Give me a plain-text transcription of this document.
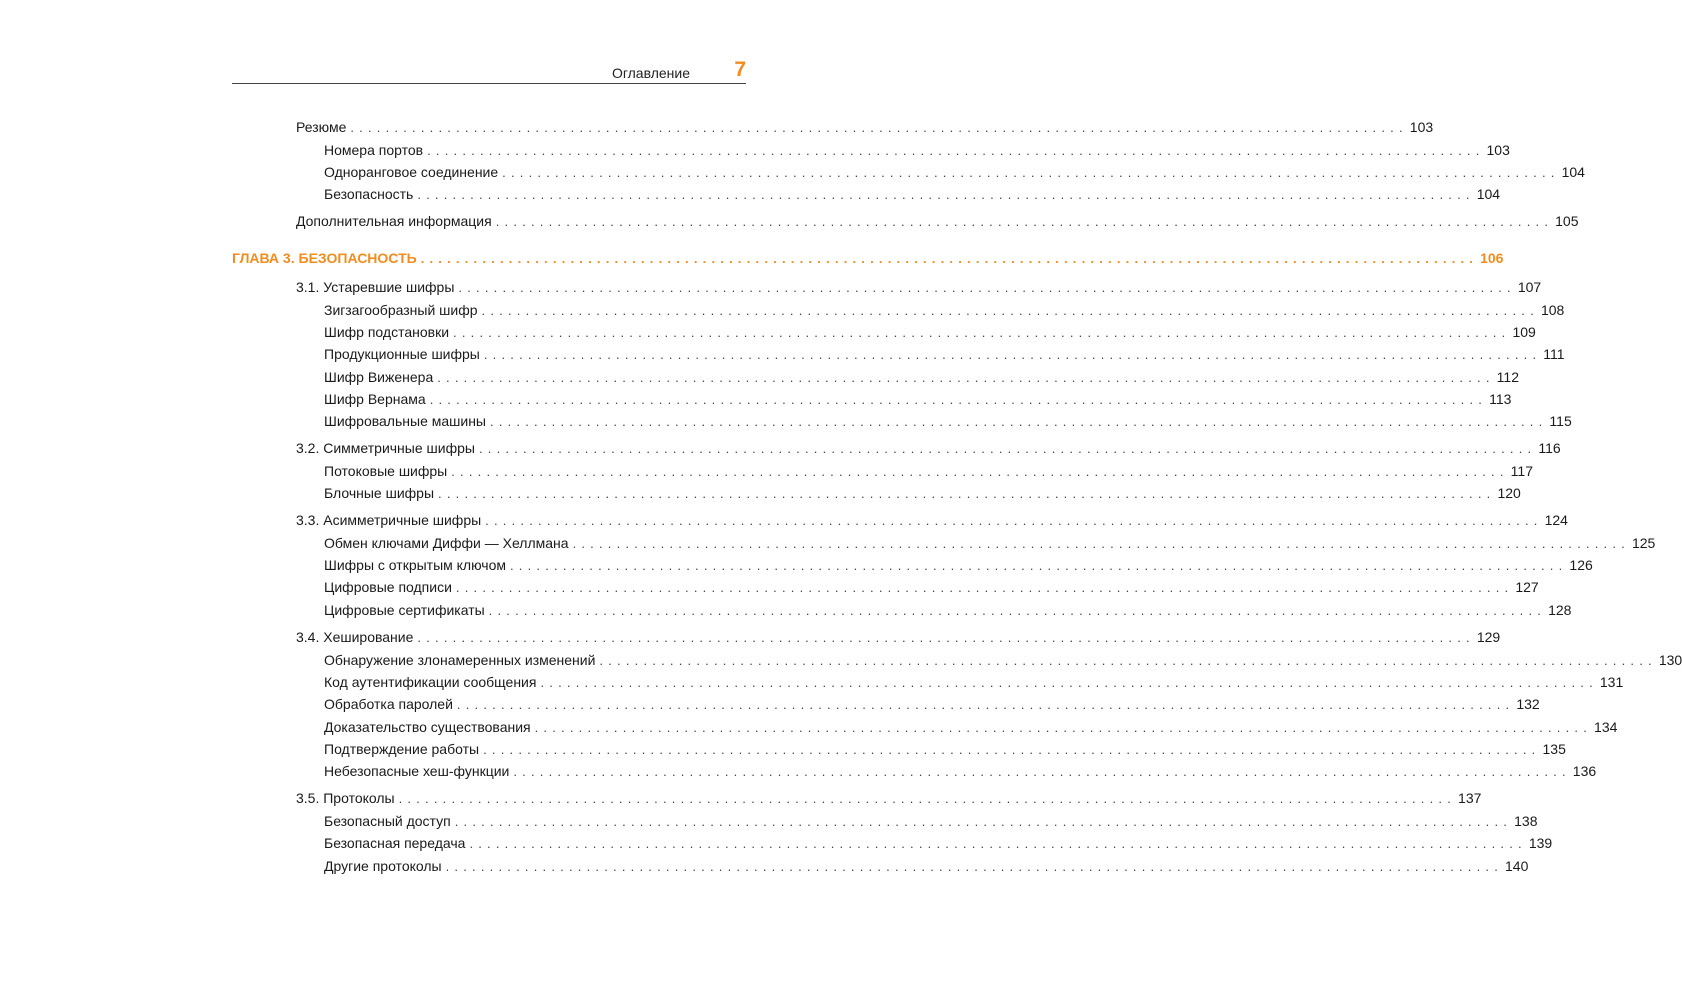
Оглавление 7
Резюме ........................................................................................................................ 103
Номера портов ........................................................................................................................ 103
Одноранговое соединение ........................................................................................................................ 104
Безопасность ........................................................................................................................ 104
Дополнительная информация ........................................................................................................................ 105
ГЛАВА 3. БЕЗОПАСНОСТЬ ........................................................................................................................ 106
3.1. Устаревшие шифры ........................................................................................................................ 107
Зигзагообразный шифр ........................................................................................................................ 108
Шифр подстановки ........................................................................................................................ 109
Продукционные шифры ........................................................................................................................ 111
Шифр Виженера ........................................................................................................................ 112
Шифр Вернама ........................................................................................................................ 113
Шифровальные машины ........................................................................................................................ 115
3.2. Симметричные шифры ........................................................................................................................ 116
Потоковые шифры ........................................................................................................................ 117
Блочные шифры ........................................................................................................................ 120
3.3. Асимметричные шифры ........................................................................................................................ 124
Обмен ключами Диффи — Хеллмана ........................................................................................................................ 125
Шифры с открытым ключом ........................................................................................................................ 126
Цифровые подписи ........................................................................................................................ 127
Цифровые сертификаты ........................................................................................................................ 128
3.4. Хеширование ........................................................................................................................ 129
Обнаружение злонамеренных изменений ........................................................................................................................ 130
Код аутентификации сообщения ........................................................................................................................ 131
Обработка паролей ........................................................................................................................ 132
Доказательство существования ........................................................................................................................ 134
Подтверждение работы ........................................................................................................................ 135
Небезопасные хеш-функции ........................................................................................................................ 136
3.5. Протоколы ........................................................................................................................ 137
Безопасный доступ ........................................................................................................................ 138
Безопасная передача ........................................................................................................................ 139
Другие протоколы ........................................................................................................................ 140
